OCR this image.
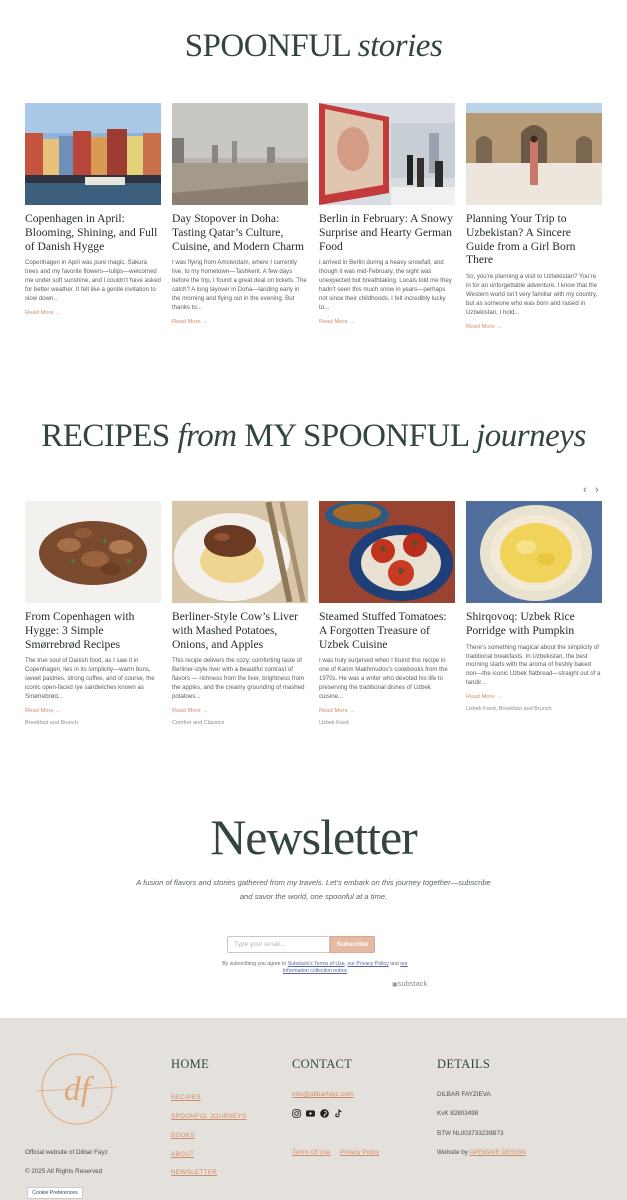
SPOONFUL stories
Copenhagen in April: Blooming, Shining, and Full of Danish Hygge

Copenhagen in April was pure magic. Sakura trees and my favorite flowers—tulips—welcomed me under soft sunshine, and I couldn’t have asked for better weather. It felt like a gentle invitation to slow down...

Read More →
Day Stopover in Doha: Tasting Qatar’s Culture, Cuisine, and Modern Charm

I was flying from Amsterdam, where I currently live, to my hometown—Tashkent. A few days before the trip, I found a great deal on tickets. The catch? A long layover in Doha—landing early in the morning and flying out in the evening. But thanks to...

Read More →
Berlin in February: A Snowy Surprise and Hearty German Food

I arrived in Berlin during a heavy snowfall, and though it was mid-February, the sight was unexpected but breathtaking. Locals told me they hadn’t seen this much snow in years—perhaps not since their childhoods. I felt incredibly lucky to...

Read More →
Planning Your Trip to Uzbekistan? A Sincere Guide from a Girl Born There

So, you’re planning a visit to Uzbekistan? You’re in for an unforgettable adventure. I know that the Western world isn’t very familiar with my country, but as someone who was born and raised in Uzbekistan, I hold...

Read More →
RECIPES from MY SPOONFUL journeys
‹ ›
From Copenhagen with Hygge: 3 Simple Smørrebrød Recipes

The true soul of Danish food, as I saw it in Copenhagen, lies in its simplicity—warm buns, sweet pastries, strong coffee, and of course, the iconic open-faced rye sandwiches known as Smørrebrød...

Read More →
Breakfast and Brunch
Berliner-Style Cow’s Liver with Mashed Potatoes, Onions, and Apples

This recipe delivers the cozy, comforting taste of Berliner-style liver with a beautiful contrast of flavors — richness from the liver, brightness from the apples, and the creamy grounding of mashed potatoes...

Read More →
Comfort and Classics
Steamed Stuffed Tomatoes: A Forgotten Treasure of Uzbek Cuisine

I was truly surprised when I found this recipe in one of Karim Makhmudov’s cookbooks from the 1970s. He was a writer who devoted his life to preserving the traditional dishes of Uzbek cuisine...

Read More →
Uzbek Food
Shirqovoq: Uzbek Rice Porridge with Pumpkin

There’s something magical about the simplicity of traditional breakfasts. In Uzbekistan, the best morning starts with the aroma of freshly baked non—the iconic Uzbek flatbread—straight out of a tandir...

Read More →
Uzbek Food, Breakfast and Brunch
Newsletter
A fusion of flavors and stories gathered from my travels. Let’s embark on this journey together—subscribe and savor the world, one spoonful at a time.
Type your email...
Subscribe
By subscribing you agree to Substack’s Terms of Use, our Privacy Policy and our Information collection notice
▣substack
df
Official website of Dilbar Fayz
© 2025 All Rights Reserved
Cookie Preferences
HOME
RECIPES
SPOONFUL JOURNEYS
BOOKS
ABOUT
NEWSLETTER
CONTACT
info@dilbarfayz.com
Terms Of Use Privacy Policy
DETAILS
DILBAR FAYZIEVA
KvK 82803498
BTW NL003733239B73
Website by APEWAVE DESIGN
